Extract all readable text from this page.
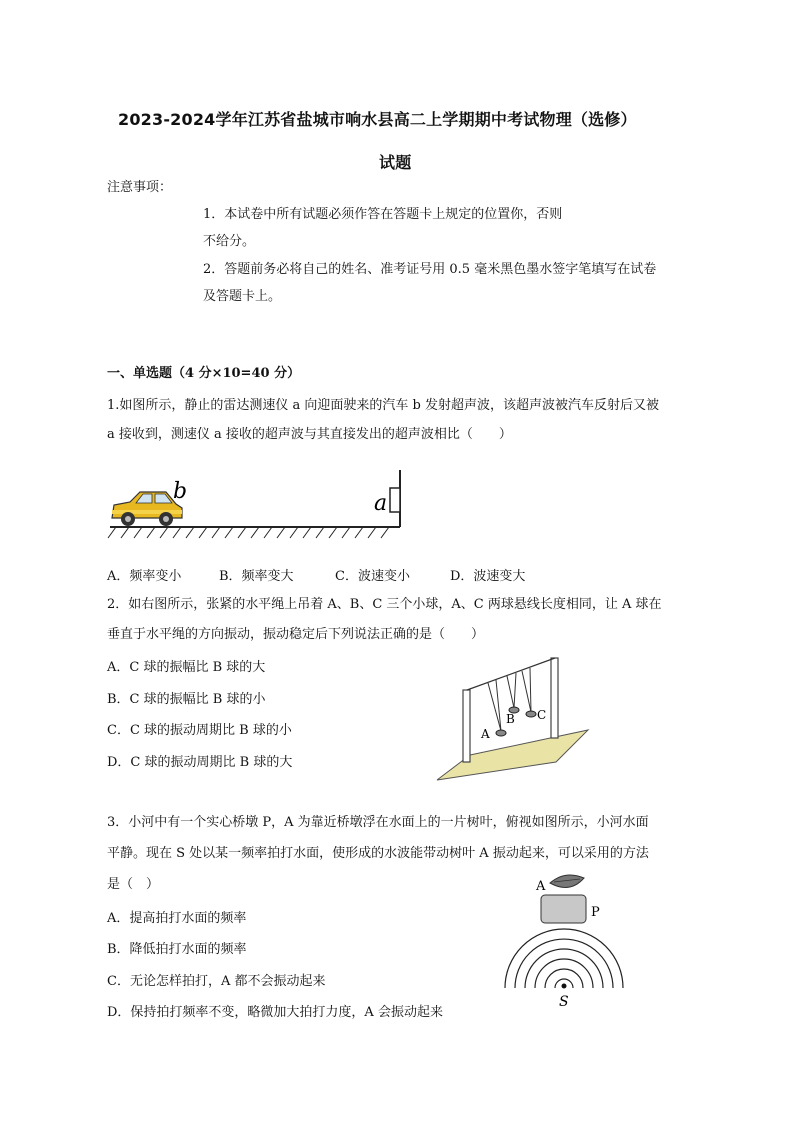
2023-2024学年江苏省盐城市响水县高二上学期期中考试物理（选修）
试题
注意事项：
1．本试卷中所有试题必须作答在答题卡上规定的位置你，否则
不给分。
2．答题前务必将自己的姓名、准考证号用 0.5 毫米黑色墨水签字笔填写在试卷
及答题卡上。
一、单选题（4 分×10=40 分）
1.如图所示，静止的雷达测速仪 a 向迎面驶来的汽车 b 发射超声波，该超声波被汽车反射后又被
a 接收到，测速仪 a 接收的超声波与其直接发出的超声波相比（　　）
b	a
A．频率变小	B．频率变大	C．波速变小	D．波速变大
2．如右图所示，张紧的水平绳上吊着 A、B、C 三个小球，A、C 两球悬线长度相同，让 A 球在
垂直于水平绳的方向振动，振动稳定后下列说法正确的是（　　）
A．C 球的振幅比 B 球的大
B．C 球的振幅比 B 球的小
C．C 球的振动周期比 B 球的小
D．C 球的振动周期比 B 球的大
A
B C
3．小河中有一个实心桥墩 P，A 为靠近桥墩浮在水面上的一片树叶，俯视如图所示，小河水面
平静。现在 S 处以某一频率拍打水面，使形成的水波能带动树叶 A 振动起来，可以采用的方法
是（　）
A．提高拍打水面的频率
B．降低拍打水面的频率
C．无论怎样拍打，A 都不会振动起来
D．保持拍打频率不变，略微加大拍打力度，A 会振动起来
A
P
S
